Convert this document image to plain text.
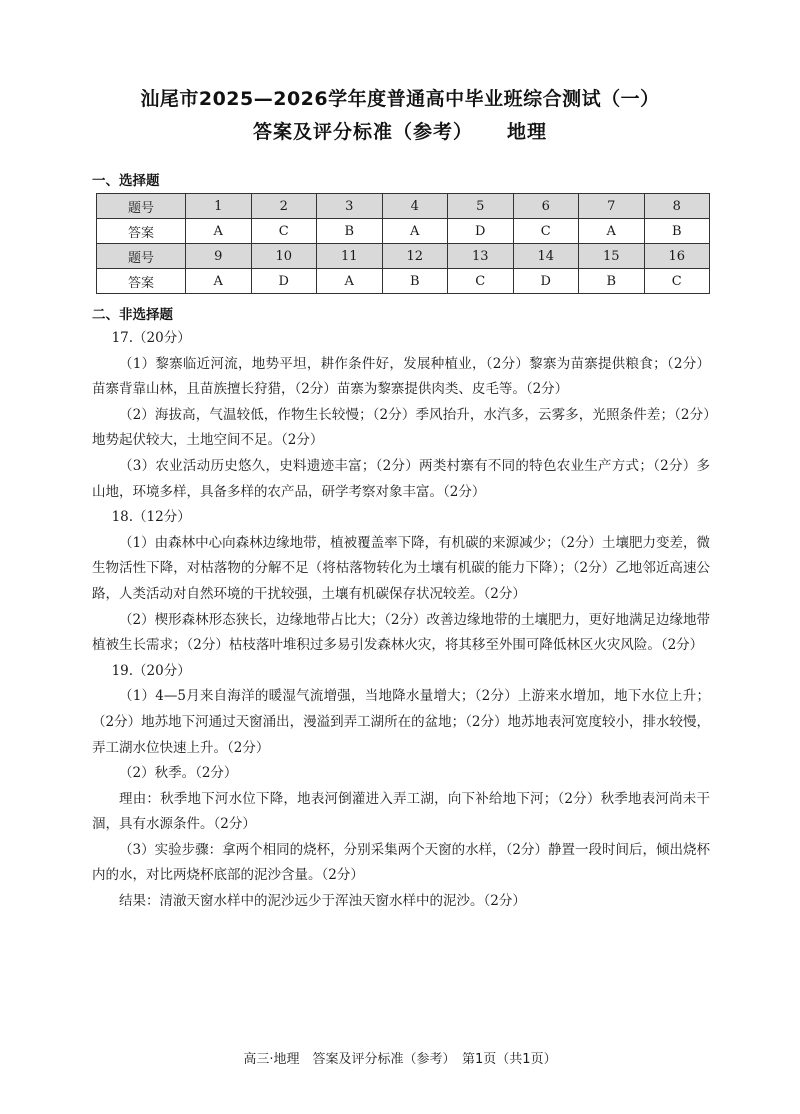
汕尾市2025—2026学年度普通高中毕业班综合测试（一）
答案及评分标准（参考） 地理
一、选择题
题号	1	2	3	4	5	6	7	8
答案	A	C	B	A	D	C	A	B
题号	9	10	11	12	13	14	15	16
答案	A	D	A	B	C	D	B	C
二、非选择题

17.（20分）

（1）黎寨临近河流，地势平坦，耕作条件好，发展种植业，（2分）黎寨为苗寨提供粮食；（2分）苗寨背靠山林，且苗族擅长狩猎，（2分）苗寨为黎寨提供肉类、皮毛等。（2分）

（2）海拔高，气温较低，作物生长较慢；（2分）季风抬升，水汽多，云雾多，光照条件差；（2分）地势起伏较大，土地空间不足。（2分）

（3）农业活动历史悠久，史料遗迹丰富；（2分）两类村寨有不同的特色农业生产方式；（2分）多山地，环境多样，具备多样的农产品，研学考察对象丰富。（2分）

18.（12分）

（1）由森林中心向森林边缘地带，植被覆盖率下降，有机碳的来源减少；（2分）土壤肥力变差，微生物活性下降，对枯落物的分解不足（将枯落物转化为土壤有机碳的能力下降）；（2分）乙地邻近高速公路，人类活动对自然环境的干扰较强，土壤有机碳保存状况较差。（2分）

（2）楔形森林形态狭长，边缘地带占比大；（2分）改善边缘地带的土壤肥力，更好地满足边缘地带植被生长需求；（2分）枯枝落叶堆积过多易引发森林火灾，将其移至外围可降低林区火灾风险。（2分）

19.（20分）

（1）4—5月来自海洋的暖湿气流增强，当地降水量增大；（2分）上游来水增加，地下水位上升；（2分）地苏地下河通过天窗涌出，漫溢到弄工湖所在的盆地；（2分）地苏地表河宽度较小，排水较慢，弄工湖水位快速上升。（2分）

（2）秋季。（2分）

理由：秋季地下河水位下降，地表河倒灌进入弄工湖，向下补给地下河；（2分）秋季地表河尚未干涸，具有水源条件。（2分）

（3）实验步骤：拿两个相同的烧杯，分别采集两个天窗的水样，（2分）静置一段时间后，倾出烧杯内的水，对比两烧杯底部的泥沙含量。（2分）

结果：清澈天窗水样中的泥沙远少于浑浊天窗水样中的泥沙。（2分）

高三·地理　答案及评分标准（参考）　第1页（共1页）
